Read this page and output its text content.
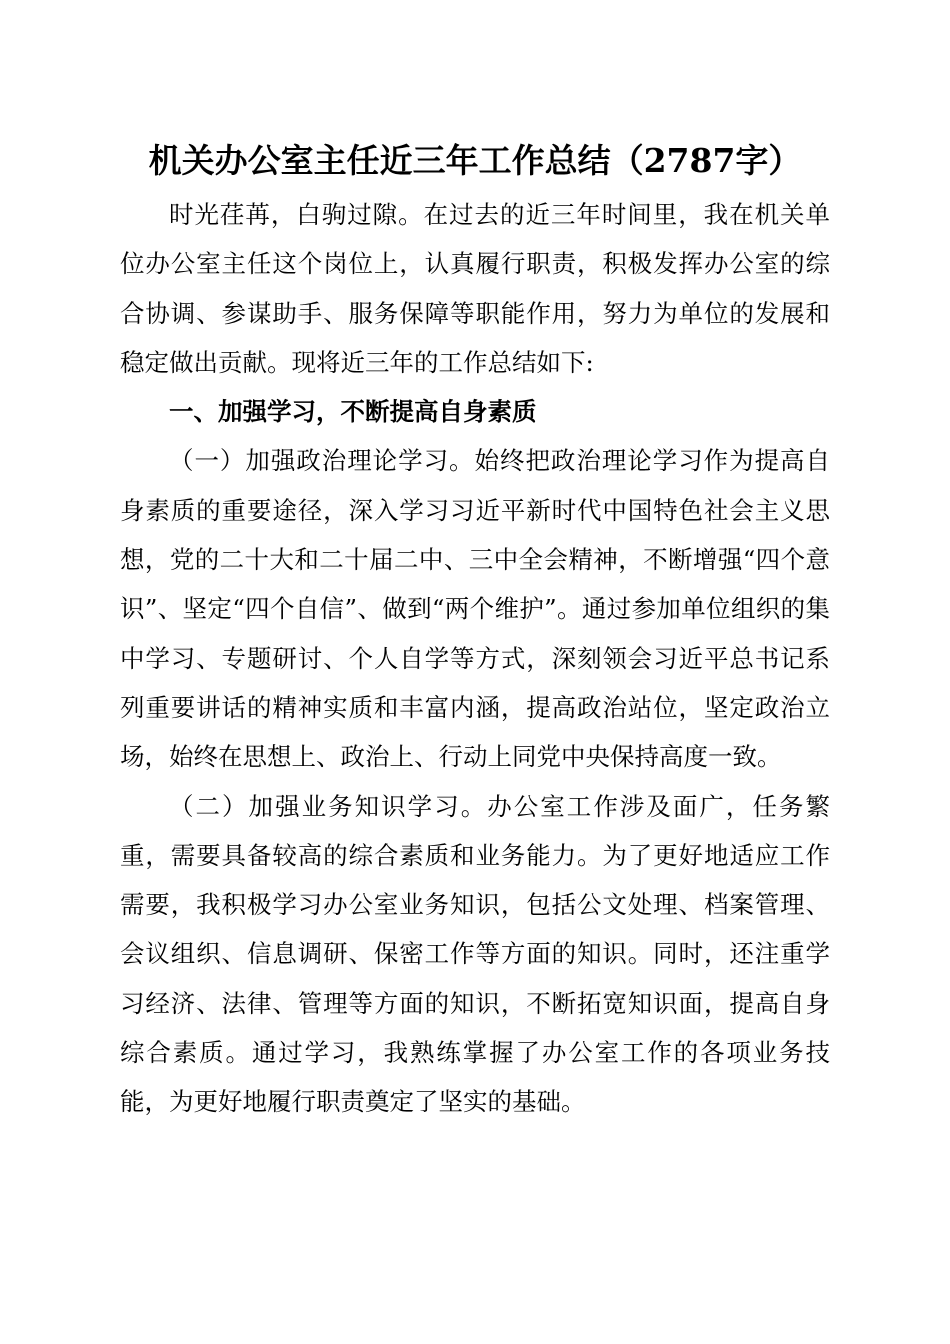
机关办公室主任近三年工作总结（2787字）

时光荏苒，白驹过隙。在过去的近三年时间里，我在机关单位办公室主任这个岗位上，认真履行职责，积极发挥办公室的综合协调、参谋助手、服务保障等职能作用，努力为单位的发展和稳定做出贡献。现将近三年的工作总结如下:

一、加强学习，不断提高自身素质

（一）加强政治理论学习。始终把政治理论学习作为提高自身素质的重要途径，深入学习习近平新时代中国特色社会主义思想，党的二十大和二十届二中、三中全会精神，不断增强“四个意识”、坚定“四个自信”、做到“两个维护”。通过参加单位组织的集中学习、专题研讨、个人自学等方式，深刻领会习近平总书记系列重要讲话的精神实质和丰富内涵，提高政治站位，坚定政治立场，始终在思想上、政治上、行动上同党中央保持高度一致。

（二）加强业务知识学习。办公室工作涉及面广，任务繁重，需要具备较高的综合素质和业务能力。为了更好地适应工作需要，我积极学习办公室业务知识，包括公文处理、档案管理、会议组织、信息调研、保密工作等方面的知识。同时，还注重学习经济、法律、管理等方面的知识，不断拓宽知识面，提高自身综合素质。通过学习，我熟练掌握了办公室工作的各项业务技能，为更好地履行职责奠定了坚实的基础。
